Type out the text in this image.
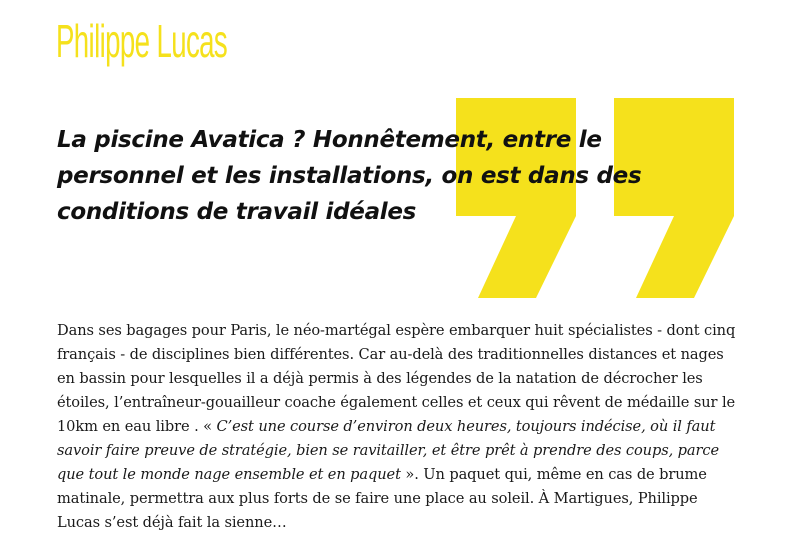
Philippe Lucas

La piscine Avatica ? Honnêtement, entre le personnel et les installations, on est dans des conditions de travail idéales

Dans ses bagages pour Paris, le néo-martégal espère embarquer huit spécialistes - dont cinq français - de disciplines bien différentes. Car au-delà des traditionnelles distances et nages en bassin pour lesquelles il a déjà permis à des légendes de la natation de décrocher les étoiles, l’entraîneur-gouailleur coache également celles et ceux qui rêvent de médaille sur le 10km en eau libre . « C’est une course d’environ deux heures, toujours indécise, où il faut savoir faire preuve de stratégie, bien se ravitailler, et être prêt à prendre des coups, parce que tout le monde nage ensemble et en paquet ». Un paquet qui, même en cas de brume matinale, permettra aux plus forts de se faire une place au soleil. À Martigues, Philippe Lucas s’est déjà fait la sienne…
